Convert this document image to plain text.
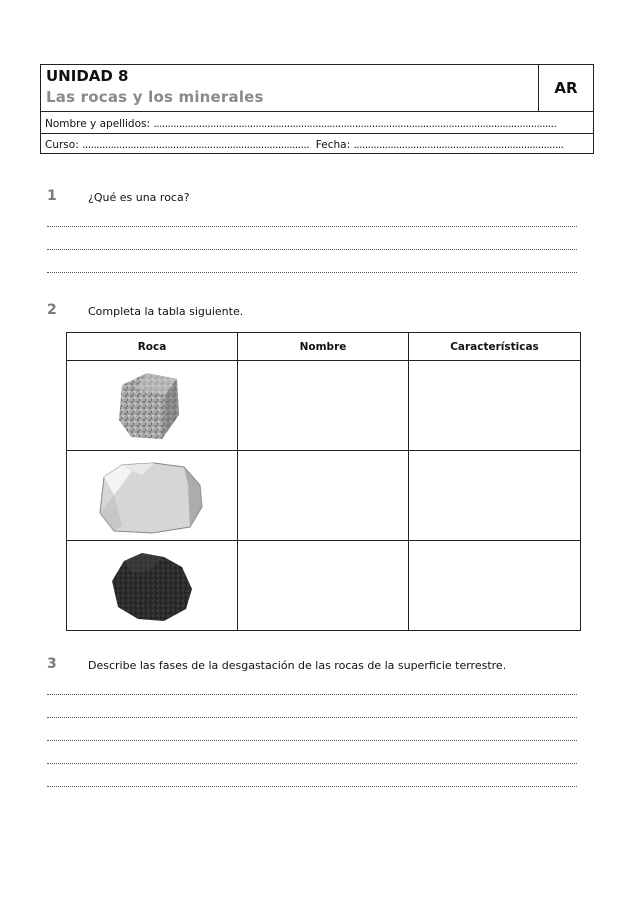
UNIDAD 8
Las rocas y los minerales	AR
Nombre y apellidos: ..............................................................................................................................................
Curso: ................................................................................ Fecha: ..........................................................................
1	¿Qué es una roca?
2	Completa la tabla siguiente.
Roca	Nombre	Características

3	Describe las fases de la desgastación de las rocas de la superficie terrestre.
